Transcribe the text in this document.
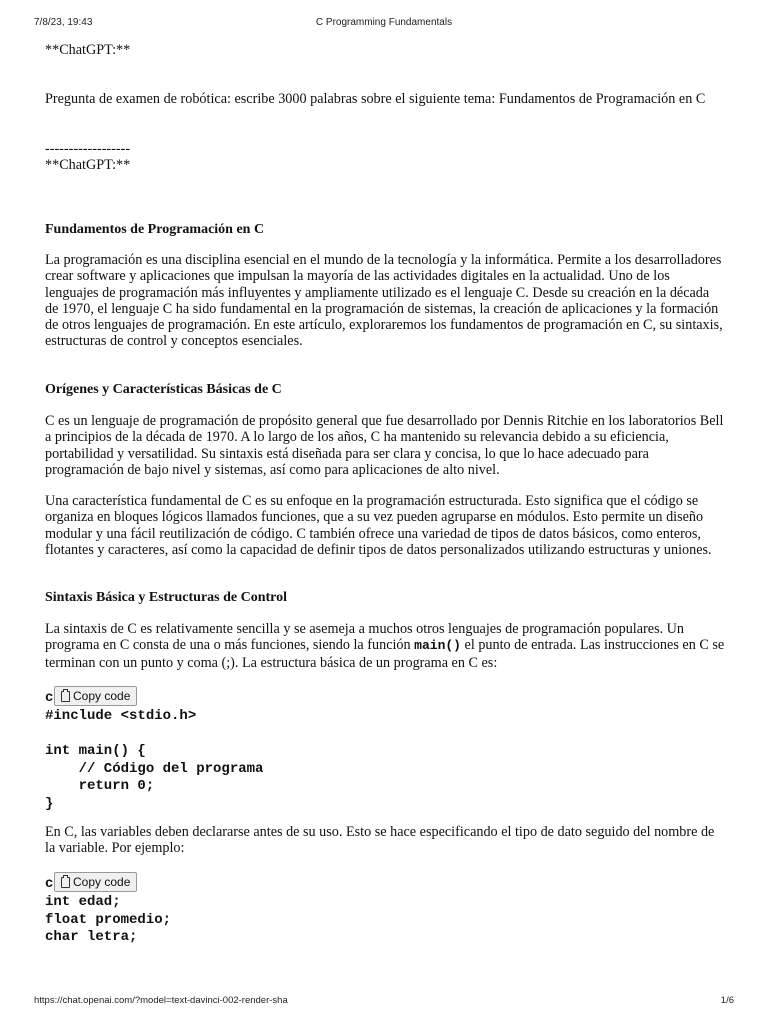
7/8/23, 19:43	C Programming Fundamentals

**ChatGPT:**

Pregunta de examen de robótica: escribe 3000 palabras sobre el siguiente tema: Fundamentos de Programación en C

------------------

**ChatGPT:**

Fundamentos de Programación en C

La programación es una disciplina esencial en el mundo de la tecnología y la informática. Permite a los desarrolladores crear software y aplicaciones que impulsan la mayoría de las actividades digitales en la actualidad. Uno de los lenguajes de programación más influyentes y ampliamente utilizado es el lenguaje C. Desde su creación en la década de 1970, el lenguaje C ha sido fundamental en la programación de sistemas, la creación de aplicaciones y la formación de otros lenguajes de programación. En este artículo, exploraremos los fundamentos de programación en C, su sintaxis, estructuras de control y conceptos esenciales.

Orígenes y Características Básicas de C

C es un lenguaje de programación de propósito general que fue desarrollado por Dennis Ritchie en los laboratorios Bell a principios de la década de 1970. A lo largo de los años, C ha mantenido su relevancia debido a su eficiencia, portabilidad y versatilidad. Su sintaxis está diseñada para ser clara y concisa, lo que lo hace adecuado para programación de bajo nivel y sistemas, así como para aplicaciones de alto nivel.

Una característica fundamental de C es su enfoque en la programación estructurada. Esto significa que el código se organiza en bloques lógicos llamados funciones, que a su vez pueden agruparse en módulos. Esto permite un diseño modular y una fácil reutilización de código. C también ofrece una variedad de tipos de datos básicos, como enteros, flotantes y caracteres, así como la capacidad de definir tipos de datos personalizados utilizando estructuras y uniones.

Sintaxis Básica y Estructuras de Control

La sintaxis de C es relativamente sencilla y se asemeja a muchos otros lenguajes de programación populares. Un programa en C consta de una o más funciones, siendo la función main() el punto de entrada. Las instrucciones en C se terminan con un punto y coma (;). La estructura básica de un programa en C es:

c Copy code
#include <stdio.h>

int main() {
// Código del programa
return 0;
}

En C, las variables deben declararse antes de su uso. Esto se hace especificando el tipo de dato seguido del nombre de la variable. Por ejemplo:

c Copy code
int edad;
float promedio;
char letra;
https://chat.openai.com/?model=text-davinci-002-render-sha	1/6
